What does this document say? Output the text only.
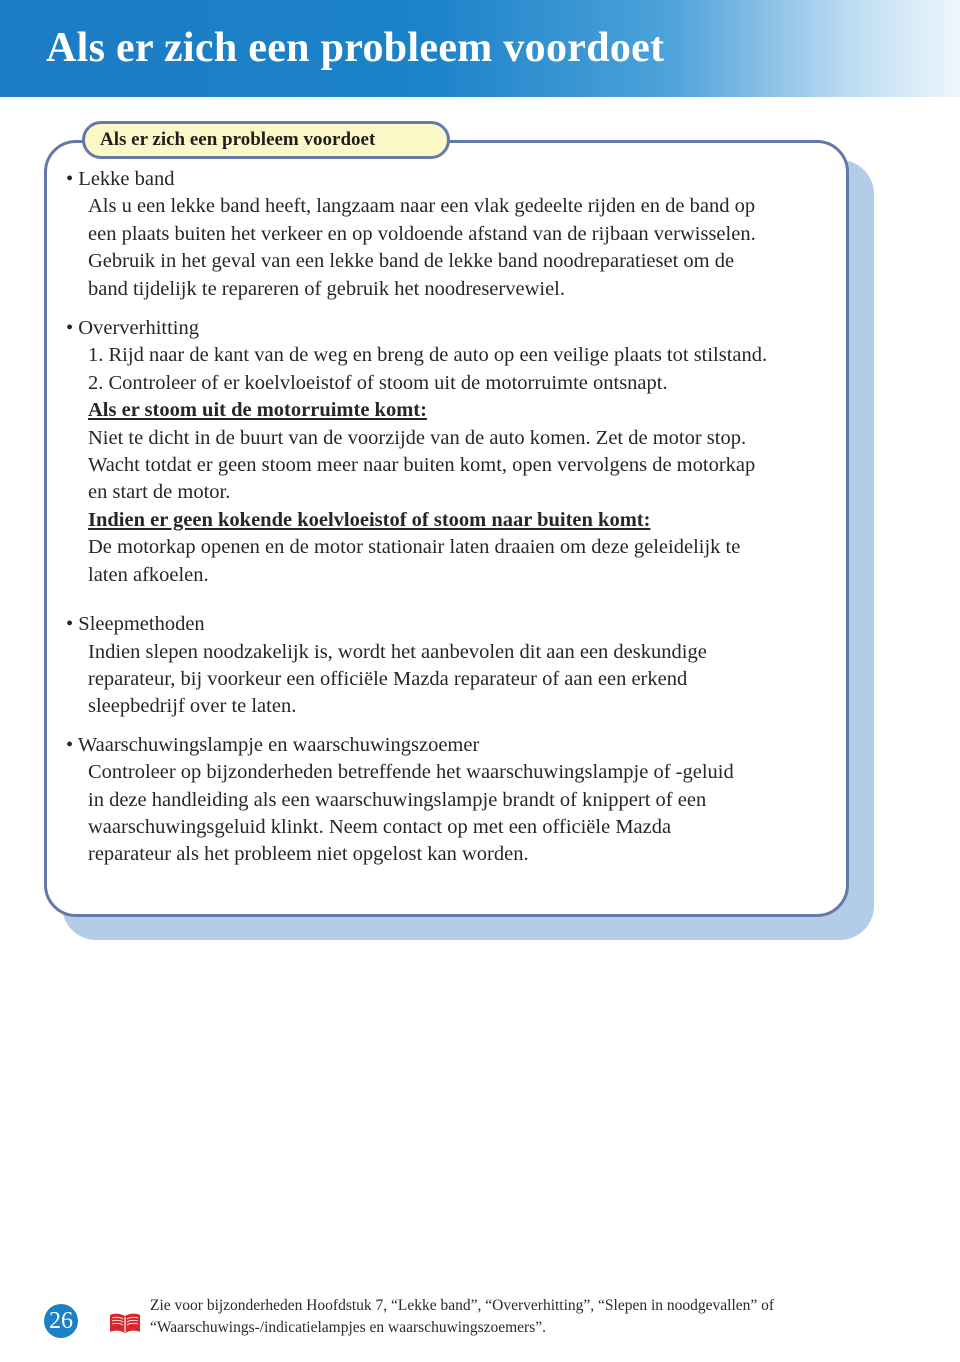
Als er zich een probleem voordoet
Als er zich een probleem voordoet
• Lekke band
Als u een lekke band heeft, langzaam naar een vlak gedeelte rijden en de band op
een plaats buiten het verkeer en op voldoende afstand van de rijbaan verwisselen.
Gebruik in het geval van een lekke band de lekke band noodreparatieset om de
band tijdelijk te repareren of gebruik het noodreservewiel.
• Oververhitting
1. Rijd naar de kant van de weg en breng de auto op een veilige plaats tot stilstand.
2. Controleer of er koelvloeistof of stoom uit de motorruimte ontsnapt.
Als er stoom uit de motorruimte komt:
Niet te dicht in de buurt van de voorzijde van de auto komen. Zet de motor stop.
Wacht totdat er geen stoom meer naar buiten komt, open vervolgens de motorkap
en start de motor.
Indien er geen kokende koelvloeistof of stoom naar buiten komt:
De motorkap openen en de motor stationair laten draaien om deze geleidelijk te
laten afkoelen.
• Sleepmethoden
Indien slepen noodzakelijk is, wordt het aanbevolen dit aan een deskundige
reparateur, bij voorkeur een officiële Mazda reparateur of aan een erkend
sleepbedrijf over te laten.
• Waarschuwingslampje en waarschuwingszoemer
Controleer op bijzonderheden betreffende het waarschuwingslampje of -geluid
in deze handleiding als een waarschuwingslampje brandt of knippert of een
waarschuwingsgeluid klinkt. Neem contact op met een officiële Mazda
reparateur als het probleem niet opgelost kan worden.
26
Zie voor bijzonderheden Hoofdstuk 7, “Lekke band”, “Oververhitting”, “Slepen in noodgevallen” of
“Waarschuwings-/indicatielampjes en waarschuwingszoemers”.
